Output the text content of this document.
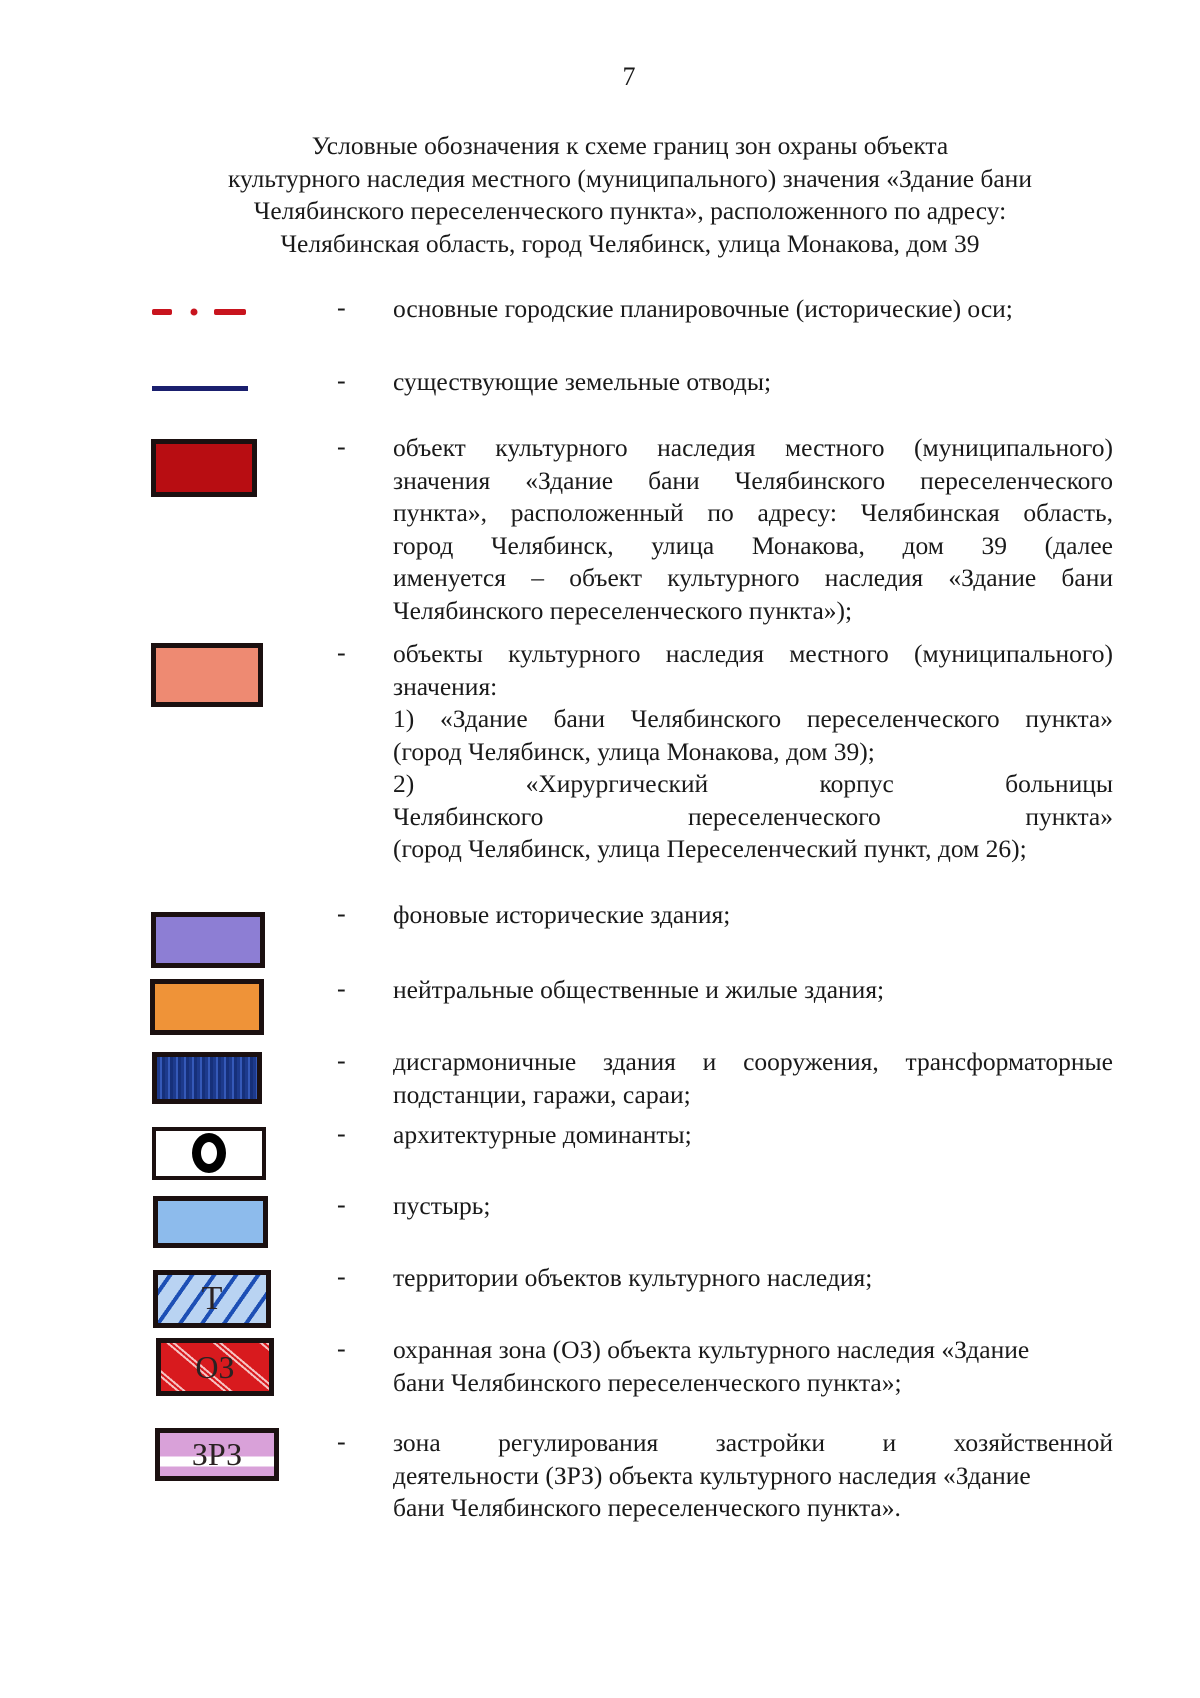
7
Условные обозначения к схеме границ зон охраны объекта
культурного наследия местного (муниципального) значения «Здание бани
Челябинского переселенческого пункта», расположенного по адресу:
Челябинская область, город Челябинск, улица Монакова, дом 39
- основные городские планировочные (исторические) оси;
- существующие земельные отводы;
- объект культурного наследия местного (муниципального)
значения «Здание бани Челябинского переселенческого
пункта», расположенный по адресу: Челябинская область,
город Челябинск, улица Монакова, дом 39 (далее
именуется – объект культурного наследия «Здание бани
Челябинского переселенческого пункта»);
- объекты культурного наследия местного (муниципального)
значения:
1) «Здание бани Челябинского переселенческого пункта»
(город Челябинск, улица Монакова, дом 39);
2) «Хирургический корпус больницы
Челябинского переселенческого пункта»
(город Челябинск, улица Переселенческий пункт, дом 26);
- фоновые исторические здания;
- нейтральные общественные и жилые здания;
- дисгармоничные здания и сооружения, трансформаторные
подстанции, гаражи, сараи;
- архитектурные доминанты;
- пустырь;
Т
- территории объектов культурного наследия;
ОЗ	- охранная зона (ОЗ) объекта культурного наследия «Здание
бани Челябинского переселенческого пункта»;
ЗРЗ	- зона регулирования застройки и хозяйственной
деятельности (ЗРЗ) объекта культурного наследия «Здание
бани Челябинского переселенческого пункта».
